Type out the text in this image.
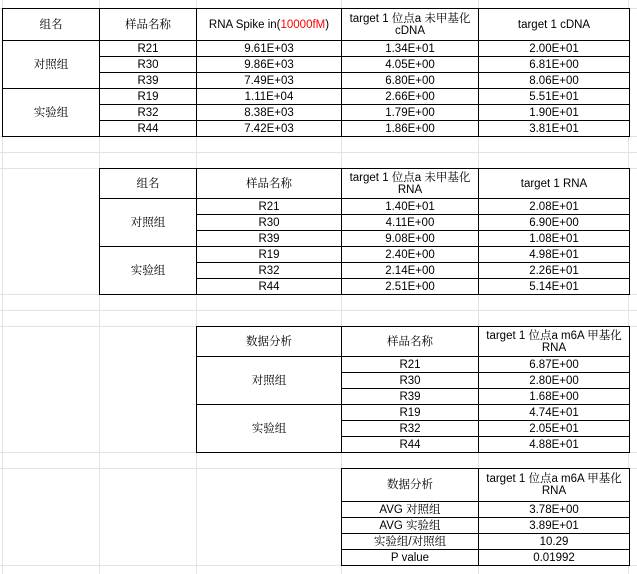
组名	样品名称	RNA Spike in(10000fM)	target 1 位点a 未甲基化 cDNA	target 1 cDNA
对照组	R21	9.61E+03	1.34E+01	2.00E+01
	R30	9.86E+03	4.05E+00	6.81E+00
	R39	7.49E+03	6.80E+00	8.06E+00
实验组	R19	1.11E+04	2.66E+00	5.51E+01
	R32	8.38E+03	1.79E+00	1.90E+01
	R44	7.42E+03	1.86E+00	3.81E+01
组名	样品名称	target 1 位点a 未甲基化 RNA	target 1 RNA
对照组	R21	1.40E+01	2.08E+01
	R30	4.11E+00	6.90E+00
	R39	9.08E+00	1.08E+01
实验组	R19	2.40E+00	4.98E+01
	R32	2.14E+00	2.26E+01
	R44	2.51E+00	5.14E+01
数据分析	样品名称	target 1 位点a m6A 甲基化 RNA
对照组	R21	6.87E+00
	R30	2.80E+00
	R39	1.68E+00
实验组	R19	4.74E+01
	R32	2.05E+01
	R44	4.88E+01
数据分析	target 1 位点a m6A 甲基化 RNA
AVG 对照组	3.78E+00
AVG 实验组	3.89E+01
实验组/对照组	10.29
P value	0.01992
